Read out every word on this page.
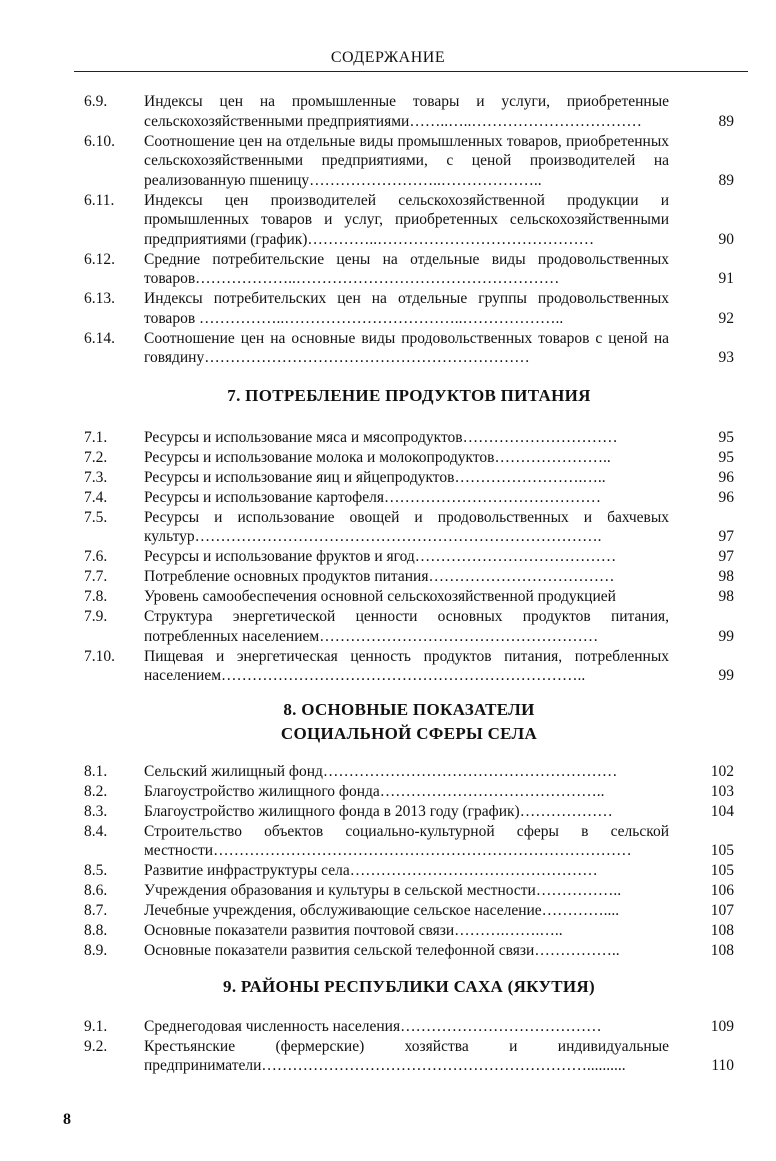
СОДЕРЖАНИЕ
6.9.	Индексы цен на промышленные товары и услуги, приобретенные сельскохозяйственными предприятиями……..…..……………………………	89
6.10.	Соотношение цен на отдельные виды промышленных товаров, приобретенных сельскохозяйственными предприятиями, с ценой производителей на реализованную пшеницу……………………..………………..	89
6.11.	Индексы цен производителей сельскохозяйственной продукции и промышленных товаров и услуг, приобретенных сельскохозяйственными предприятиями (график)…………..……………………………………	90
6.12.	Средние потребительские цены на отдельные виды продовольственных товаров………………..……………………………………………	91
6.13.	Индексы потребительских цен на отдельные группы продовольственных товаров ……………..……………………………..………………..	92
6.14.	Соотношение цен на основные виды продовольственных товаров с ценой на говядину………………………………………………………	93
7. ПОТРЕБЛЕНИЕ ПРОДУКТОВ ПИТАНИЯ
7.1.	Ресурсы и использование мяса и мясопродуктов…………………………	95
7.2.	Ресурсы и использование молока и молокопродуктов…………………..	95
7.3.	Ресурсы и использование яиц и яйцепродуктов…………………….…..	96
7.4.	Ресурсы и использование картофеля……………………………………	96
7.5.	Ресурсы и использование овощей и продовольственных и бахчевых культур…………………………………………………………………….	97
7.6.	Ресурсы и использование фруктов и ягод…………………………………	97
7.7.	Потребление основных продуктов питания………………………………	98
7.8.	Уровень самообеспечения основной сельскохозяйственной продукцией	98
7.9.	Структура энергетической ценности основных продуктов питания, потребленных населением………………………………………………	99
7.10.	Пищевая и энергетическая ценность продуктов питания, потребленных населением……………………………………………………………..	99
8. ОСНОВНЫЕ ПОКАЗАТЕЛИ
СОЦИАЛЬНОЙ СФЕРЫ СЕЛА
8.1.	Сельский жилищный фонд…………………………………………………	102
8.2.	Благоустройство жилищного фонда……………………………………..	103
8.3.	Благоустройство жилищного фонда в 2013 году (график)………………	104
8.4.	Строительство объектов социально-культурной сферы в сельской местности………………………………………………………………………	105
8.5.	Развитие инфраструктуры села…………………………………………	105
8.6.	Учреждения образования и культуры в сельской местности……………..	106
8.7.	Лечебные учреждения, обслуживающие сельское население…………....	107
8.8.	Основные показатели развития почтовой связи……….…….…..	108
8.9.	Основные показатели развития сельской телефонной связи……………..	108
9. РАЙОНЫ РЕСПУБЛИКИ САХА (ЯКУТИЯ)
9.1.	Среднегодовая численность населения…………………………………	109
9.2.	Крестьянские (фермерские) хозяйства и индивидуальные предприниматели………………………………………………………..........	110
8
